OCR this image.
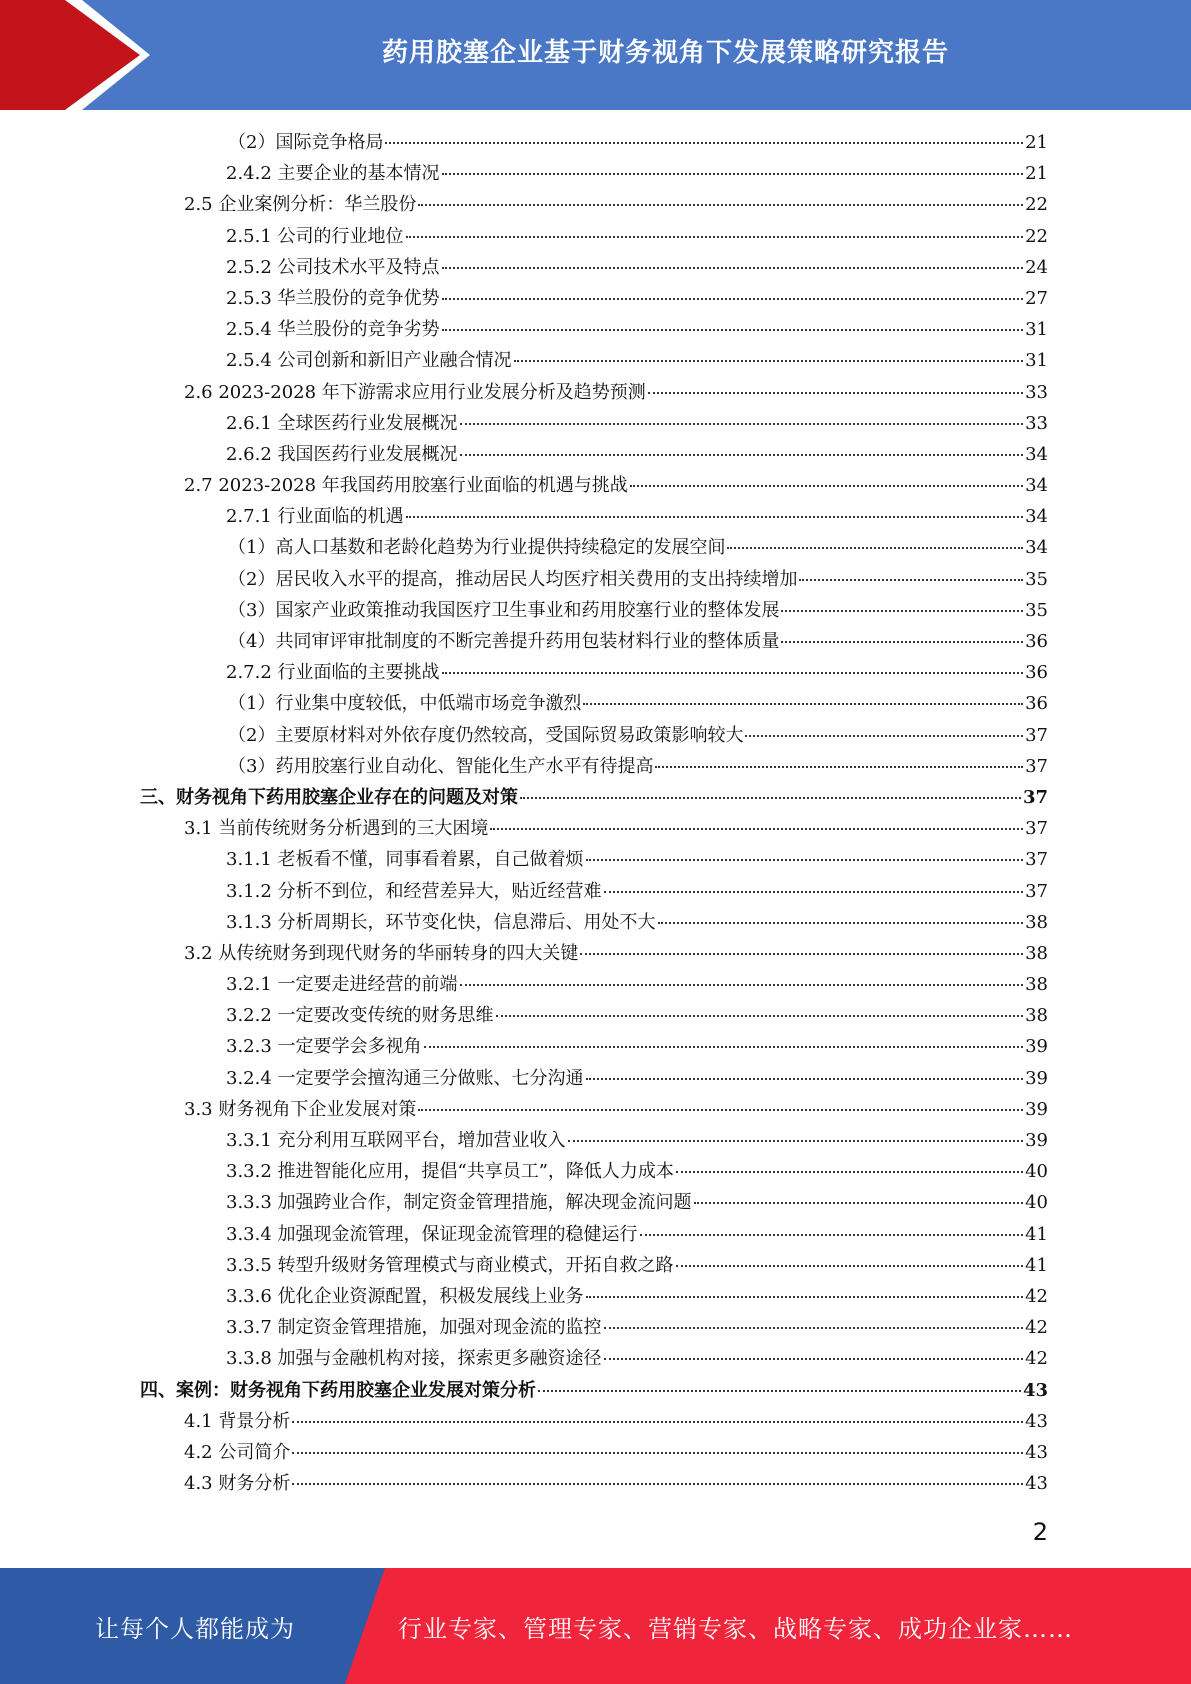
药用胶塞企业基于财务视角下发展策略研究报告
（2）国际竞争格局	21
2.4.2 主要企业的基本情况	21
2.5 企业案例分析：华兰股份	22
2.5.1 公司的行业地位	22
2.5.2 公司技术水平及特点	24
2.5.3 华兰股份的竞争优势	27
2.5.4 华兰股份的竞争劣势	31
2.5.4 公司创新和新旧产业融合情况	31
2.6 2023-2028 年下游需求应用行业发展分析及趋势预测	33
2.6.1 全球医药行业发展概况	33
2.6.2 我国医药行业发展概况	34
2.7 2023-2028 年我国药用胶塞行业面临的机遇与挑战	34
2.7.1 行业面临的机遇	34
（1）高人口基数和老龄化趋势为行业提供持续稳定的发展空间	34
（2）居民收入水平的提高，推动居民人均医疗相关费用的支出持续增加	35
（3）国家产业政策推动我国医疗卫生事业和药用胶塞行业的整体发展	35
（4）共同审评审批制度的不断完善提升药用包装材料行业的整体质量	36
2.7.2 行业面临的主要挑战	36
（1）行业集中度较低，中低端市场竞争激烈	36
（2）主要原材料对外依存度仍然较高，受国际贸易政策影响较大	37
（3）药用胶塞行业自动化、智能化生产水平有待提高	37
三、财务视角下药用胶塞企业存在的问题及对策	37
3.1 当前传统财务分析遇到的三大困境	37
3.1.1 老板看不懂，同事看着累，自己做着烦	37
3.1.2 分析不到位，和经营差异大，贴近经营难	37
3.1.3 分析周期长，环节变化快，信息滞后、用处不大	38
3.2 从传统财务到现代财务的华丽转身的四大关键	38
3.2.1 一定要走进经营的前端	38
3.2.2 一定要改变传统的财务思维	38
3.2.3 一定要学会多视角	39
3.2.4 一定要学会擅沟通三分做账、七分沟通	39
3.3 财务视角下企业发展对策	39
3.3.1 充分利用互联网平台，增加营业收入	39
3.3.2 推进智能化应用，提倡“共享员工”，降低人力成本	40
3.3.3 加强跨业合作，制定资金管理措施，解决现金流问题	40
3.3.4 加强现金流管理，保证现金流管理的稳健运行	41
3.3.5 转型升级财务管理模式与商业模式，开拓自救之路	41
3.3.6 优化企业资源配置，积极发展线上业务	42
3.3.7 制定资金管理措施，加强对现金流的监控	42
3.3.8 加强与金融机构对接，探索更多融资途径	42
四、案例：财务视角下药用胶塞企业发展对策分析	43
4.1 背景分析	43
4.2 公司简介	43
4.3 财务分析	43
2
让每个人都能成为	行业专家、管理专家、营销专家、战略专家、成功企业家……
